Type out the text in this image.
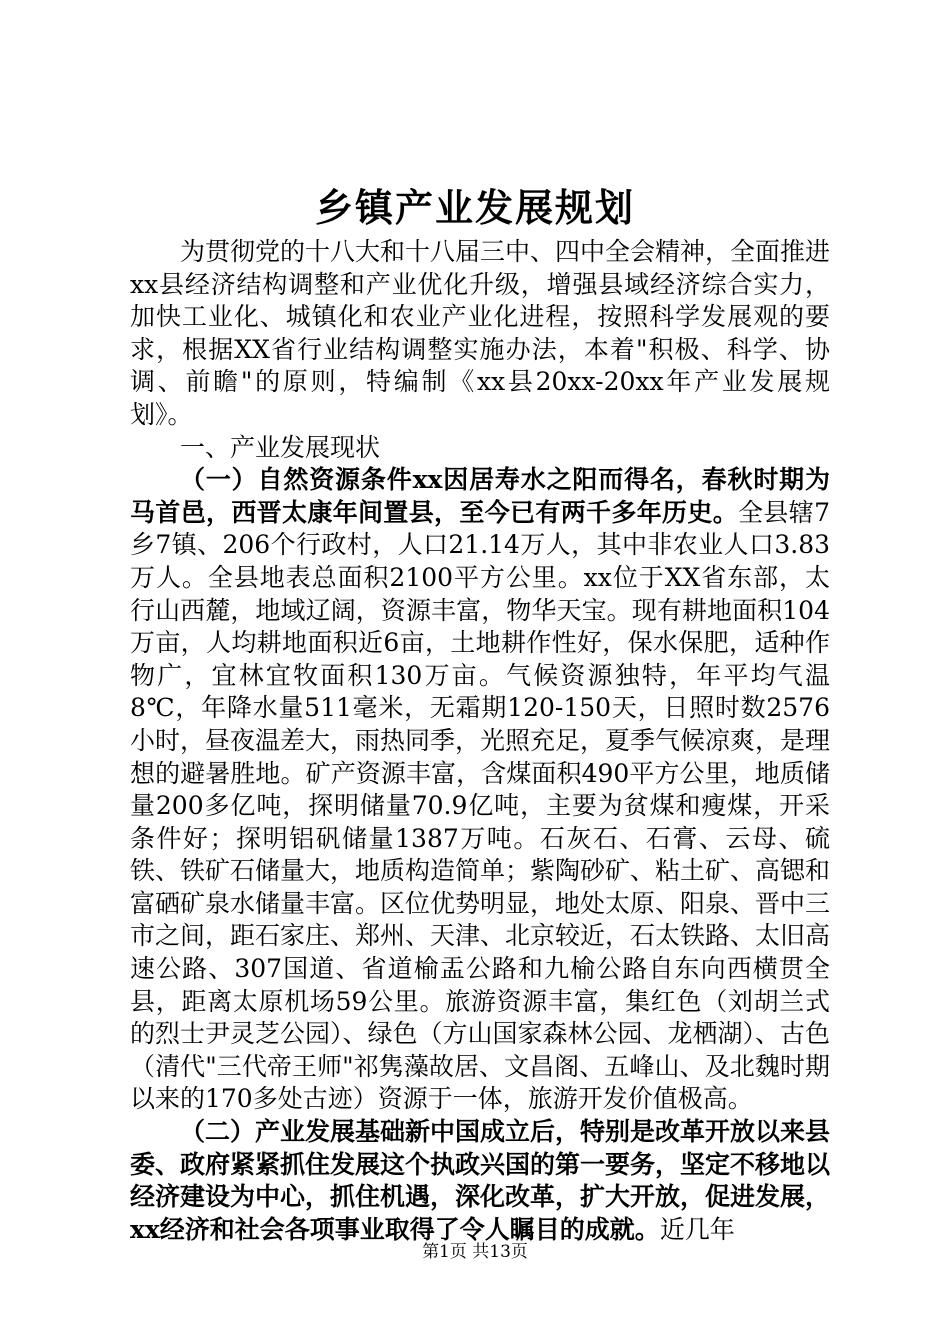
乡镇产业发展规划

为贯彻党的十八大和十八届三中、四中全会精神，全面推进xx县经济结构调整和产业优化升级，增强县域经济综合实力，加快工业化、城镇化和农业产业化进程，按照科学发展观的要求，根据XX省行业结构调整实施办法，本着"积极、科学、协调、前瞻"的原则，特编制《xx县20xx-20xx年产业发展规划》。

一、产业发展现状

（一）自然资源条件xx因居寿水之阳而得名，春秋时期为马首邑，西晋太康年间置县，至今已有两千多年历史。全县辖7乡7镇、206个行政村，人口21.14万人，其中非农业人口3.83万人。全县地表总面积2100平方公里。xx位于XX省东部，太行山西麓，地域辽阔，资源丰富，物华天宝。现有耕地面积104万亩，人均耕地面积近6亩，土地耕作性好，保水保肥，适种作物广，宜林宜牧面积130万亩。气候资源独特，年平均气温8℃，年降水量511毫米，无霜期120-150天，日照时数2576小时，昼夜温差大，雨热同季，光照充足，夏季气候凉爽，是理想的避暑胜地。矿产资源丰富，含煤面积490平方公里，地质储量200多亿吨，探明储量70.9亿吨，主要为贫煤和瘦煤，开采条件好；探明铝矾储量1387万吨。石灰石、石膏、云母、硫铁、铁矿石储量大，地质构造简单；紫陶砂矿、粘土矿、高锶和富硒矿泉水储量丰富。区位优势明显，地处太原、阳泉、晋中三市之间，距石家庄、郑州、天津、北京较近，石太铁路、太旧高速公路、307国道、省道榆盂公路和九榆公路自东向西横贯全县，距离太原机场59公里。旅游资源丰富，集红色（刘胡兰式的烈士尹灵芝公园）、绿色（方山国家森林公园、龙栖湖）、古色（清代"三代帝王师"祁隽藻故居、文昌阁、五峰山、及北魏时期以来的170多处古迹）资源于一体，旅游开发价值极高。

（二）产业发展基础新中国成立后，特别是改革开放以来县委、政府紧紧抓住发展这个执政兴国的第一要务，坚定不移地以经济建设为中心，抓住机遇，深化改革，扩大开放，促进发展，xx经济和社会各项事业取得了令人瞩目的成就。近几年

第1页 共13页
